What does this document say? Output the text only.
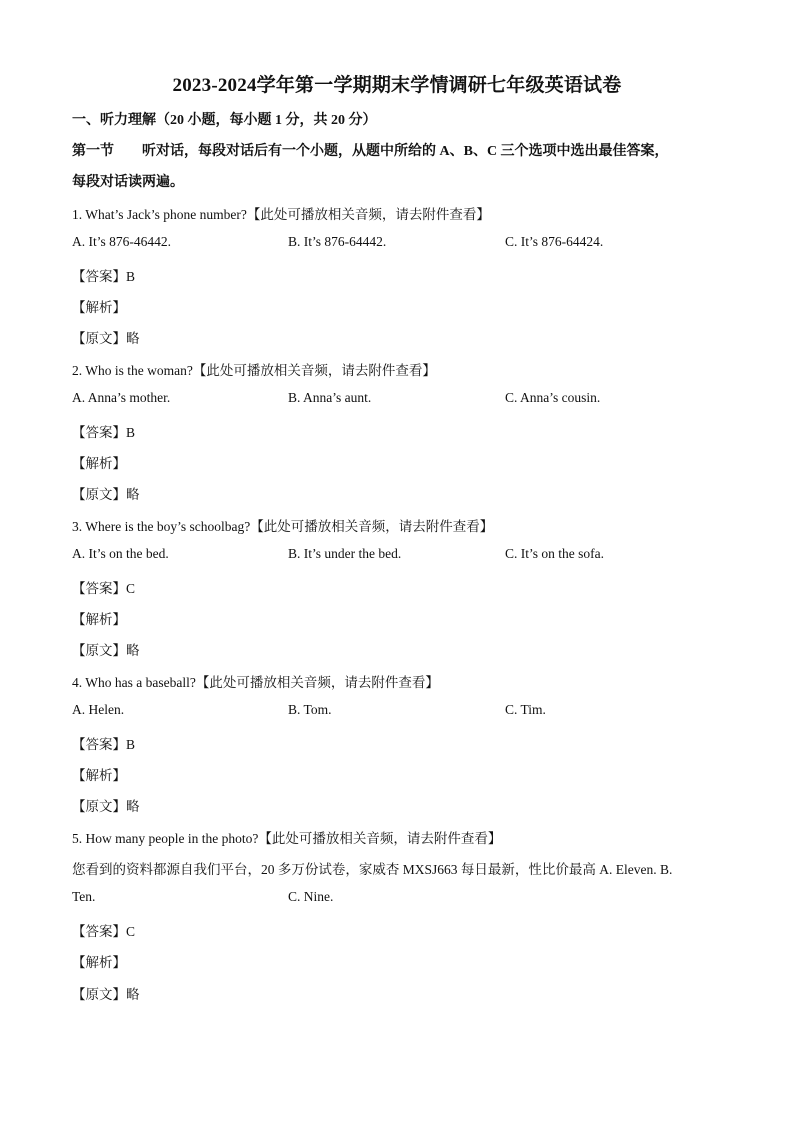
2023-2024学年第一学期期末学情调研七年级英语试卷
一、听力理解（20 小题，每小题 1 分，共 20 分）
第一节 听对话，每段对话后有一个小题，从题中所给的 A、B、C 三个选项中选出最佳答案，
每段对话读两遍。
1. What’s Jack’s phone number?【此处可播放相关音频，请去附件查看】
A. It’s 876-46442.	B. It’s 876-64442.	C. It’s 876-64424.
【答案】B
【解析】
【原文】略
2. Who is the woman?【此处可播放相关音频，请去附件查看】
A. Anna’s mother.	B. Anna’s aunt.	C. Anna’s cousin.
【答案】B
【解析】
【原文】略
3. Where is the boy’s schoolbag?【此处可播放相关音频，请去附件查看】
A. It’s on the bed.	B. It’s under the bed.	C. It’s on the sofa.
【答案】C
【解析】
【原文】略
4. Who has a baseball?【此处可播放相关音频，请去附件查看】
A. Helen.	B. Tom.	C. Tim.
【答案】B
【解析】
【原文】略
5. How many people in the photo?【此处可播放相关音频，请去附件查看】
您看到的资料都源自我们平台，20 多万份试卷，家威杏 MXSJ663 每日最新，性比价最高 A. Eleven. B.
Ten.	C. Nine.
【答案】C
【解析】
【原文】略
